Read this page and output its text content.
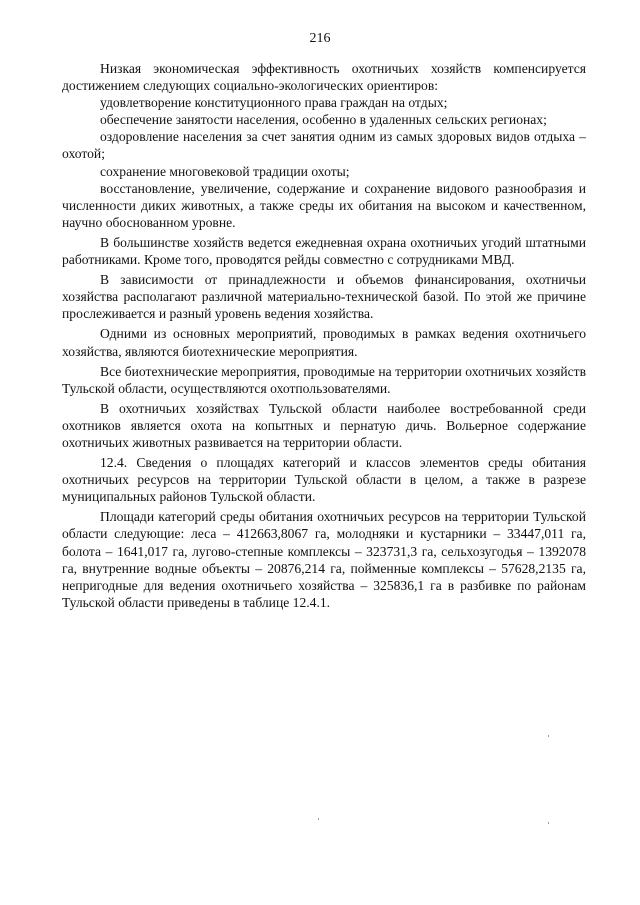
216

Низкая экономическая эффективность охотничьих хозяйств компенсируется достижением следующих социально-экологических ориентиров:

удовлетворение конституционного права граждан на отдых;

обеспечение занятости населения, особенно в удаленных сельских регионах;

оздоровление населения за счет занятия одним из самых здоровых видов отдыха – охотой;

сохранение многовековой традиции охоты;

восстановление, увеличение, содержание и сохранение видового разнообразия и численности диких животных, а также среды их обитания на высоком и качественном, научно обоснованном уровне.

В большинстве хозяйств ведется ежедневная охрана охотничьих угодий штатными работниками. Кроме того, проводятся рейды совместно с сотрудниками МВД.

В зависимости от принадлежности и объемов финансирования, охотничьи хозяйства располагают различной материально-технической базой. По этой же причине прослеживается и разный уровень ведения хозяйства.

Одними из основных мероприятий, проводимых в рамках ведения охотничьего хозяйства, являются биотехнические мероприятия.

Все биотехнические мероприятия, проводимые на территории охотничьих хозяйств Тульской области, осуществляются охотпользователями.

В охотничьих хозяйствах Тульской области наиболее востребованной среди охотников является охота на копытных и пернатую дичь. Вольерное содержание охотничьих животных развивается на территории области.

12.4. Сведения о площадях категорий и классов элементов среды обитания охотничьих ресурсов на территории Тульской области в целом, а также в разрезе муниципальных районов Тульской области.

Площади категорий среды обитания охотничьих ресурсов на территории Тульской области следующие: леса – 412663,8067 га, молодняки и кустарники – 33447,011 га, болота – 1641,017 га, лугово-степные комплексы – 323731,3 га, сельхозугодья – 1392078 га, внутренние водные объекты – 20876,214 га, пойменные комплексы – 57628,2135 га, непригодные для ведения охотничьего хозяйства – 325836,1 га в разбивке по районам Тульской области приведены в таблице 12.4.1.
